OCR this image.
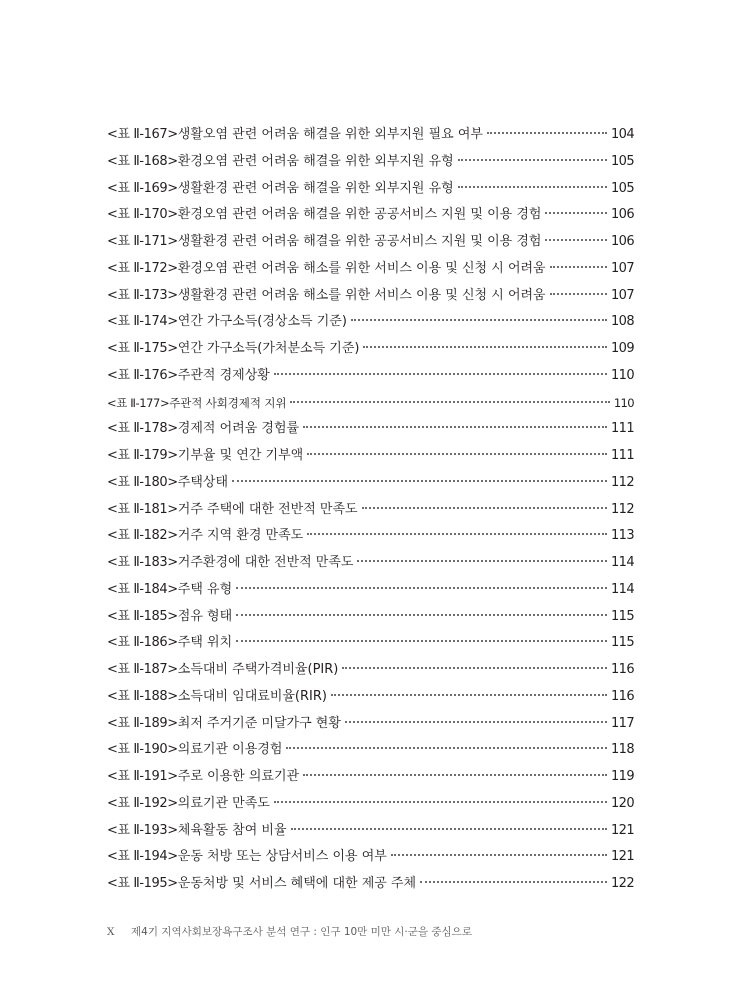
<표 Ⅱ-167> 생활오염 관련 어려움 해결을 위한 외부지원 필요 여부	104
<표 Ⅱ-168> 환경오염 관련 어려움 해결을 위한 외부지원 유형	105
<표 Ⅱ-169> 생활환경 관련 어려움 해결을 위한 외부지원 유형	105
<표 Ⅱ-170> 환경오염 관련 어려움 해결을 위한 공공서비스 지원 및 이용 경험	106
<표 Ⅱ-171> 생활환경 관련 어려움 해결을 위한 공공서비스 지원 및 이용 경험	106
<표 Ⅱ-172> 환경오염 관련 어려움 해소를 위한 서비스 이용 및 신청 시 어려움	107
<표 Ⅱ-173> 생활환경 관련 어려움 해소를 위한 서비스 이용 및 신청 시 어려움	107
<표 Ⅱ-174> 연간 가구소득(경상소득 기준)	108
<표 Ⅱ-175> 연간 가구소득(가처분소득 기준)	109
<표 Ⅱ-176> 주관적 경제상황	110
<표 Ⅱ-177> 주관적 사회경제적 지위	110
<표 Ⅱ-178> 경제적 어려움 경험률	111
<표 Ⅱ-179> 기부율 및 연간 기부액	111
<표 Ⅱ-180> 주택상태	112
<표 Ⅱ-181> 거주 주택에 대한 전반적 만족도	112
<표 Ⅱ-182> 거주 지역 환경 만족도	113
<표 Ⅱ-183> 거주환경에 대한 전반적 만족도	114
<표 Ⅱ-184> 주택 유형	114
<표 Ⅱ-185> 점유 형태	115
<표 Ⅱ-186> 주택 위치	115
<표 Ⅱ-187> 소득대비 주택가격비율(PIR)	116
<표 Ⅱ-188> 소득대비 임대료비율(RIR)	116
<표 Ⅱ-189> 최저 주거기준 미달가구 현황	117
<표 Ⅱ-190> 의료기관 이용경험	118
<표 Ⅱ-191> 주로 이용한 의료기관	119
<표 Ⅱ-192> 의료기관 만족도	120
<표 Ⅱ-193> 체육활동 참여 비율	121
<표 Ⅱ-194> 운동 처방 또는 상담서비스 이용 여부	121
<표 Ⅱ-195> 운동처방 및 서비스 혜택에 대한 제공 주체	122
X 제4기 지역사회보장욕구조사 분석 연구 : 인구 10만 미만 시·군을 중심으로
